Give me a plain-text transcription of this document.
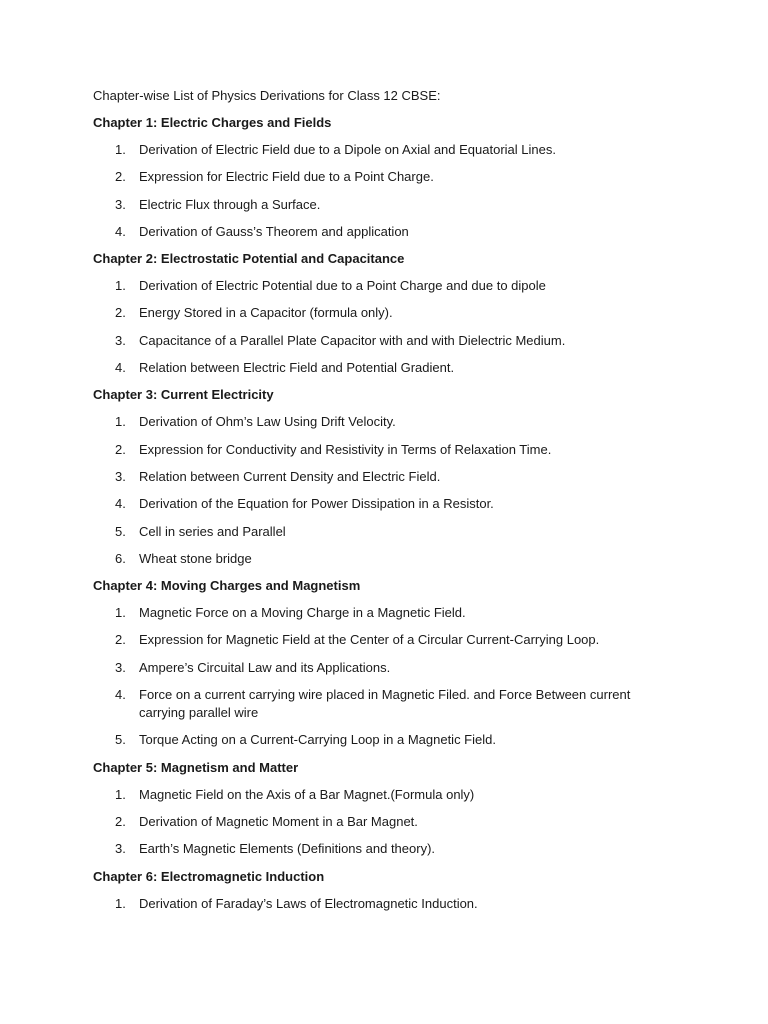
Chapter-wise List of Physics Derivations for Class 12 CBSE:
Chapter 1: Electric Charges and Fields
1. Derivation of Electric Field due to a Dipole on Axial and Equatorial Lines.
2. Expression for Electric Field due to a Point Charge.
3. Electric Flux through a Surface.
4. Derivation of Gauss’s Theorem and application
Chapter 2: Electrostatic Potential and Capacitance
1. Derivation of Electric Potential due to a Point Charge and due to dipole
2. Energy Stored in a Capacitor (formula only).
3. Capacitance of a Parallel Plate Capacitor with and with Dielectric Medium.
4. Relation between Electric Field and Potential Gradient.
Chapter 3: Current Electricity
1. Derivation of Ohm’s Law Using Drift Velocity.
2. Expression for Conductivity and Resistivity in Terms of Relaxation Time.
3. Relation between Current Density and Electric Field.
4. Derivation of the Equation for Power Dissipation in a Resistor.
5. Cell in series and Parallel
6. Wheat stone bridge
Chapter 4: Moving Charges and Magnetism
1. Magnetic Force on a Moving Charge in a Magnetic Field.
2. Expression for Magnetic Field at the Center of a Circular Current-Carrying Loop.
3. Ampere’s Circuital Law and its Applications.
4. Force on a current carrying wire placed in Magnetic Filed. and Force Between current carrying parallel wire
5. Torque Acting on a Current-Carrying Loop in a Magnetic Field.
Chapter 5: Magnetism and Matter
1. Magnetic Field on the Axis of a Bar Magnet.(Formula only)
2. Derivation of Magnetic Moment in a Bar Magnet.
3. Earth’s Magnetic Elements (Definitions and theory).
Chapter 6: Electromagnetic Induction
1. Derivation of Faraday’s Laws of Electromagnetic Induction.
